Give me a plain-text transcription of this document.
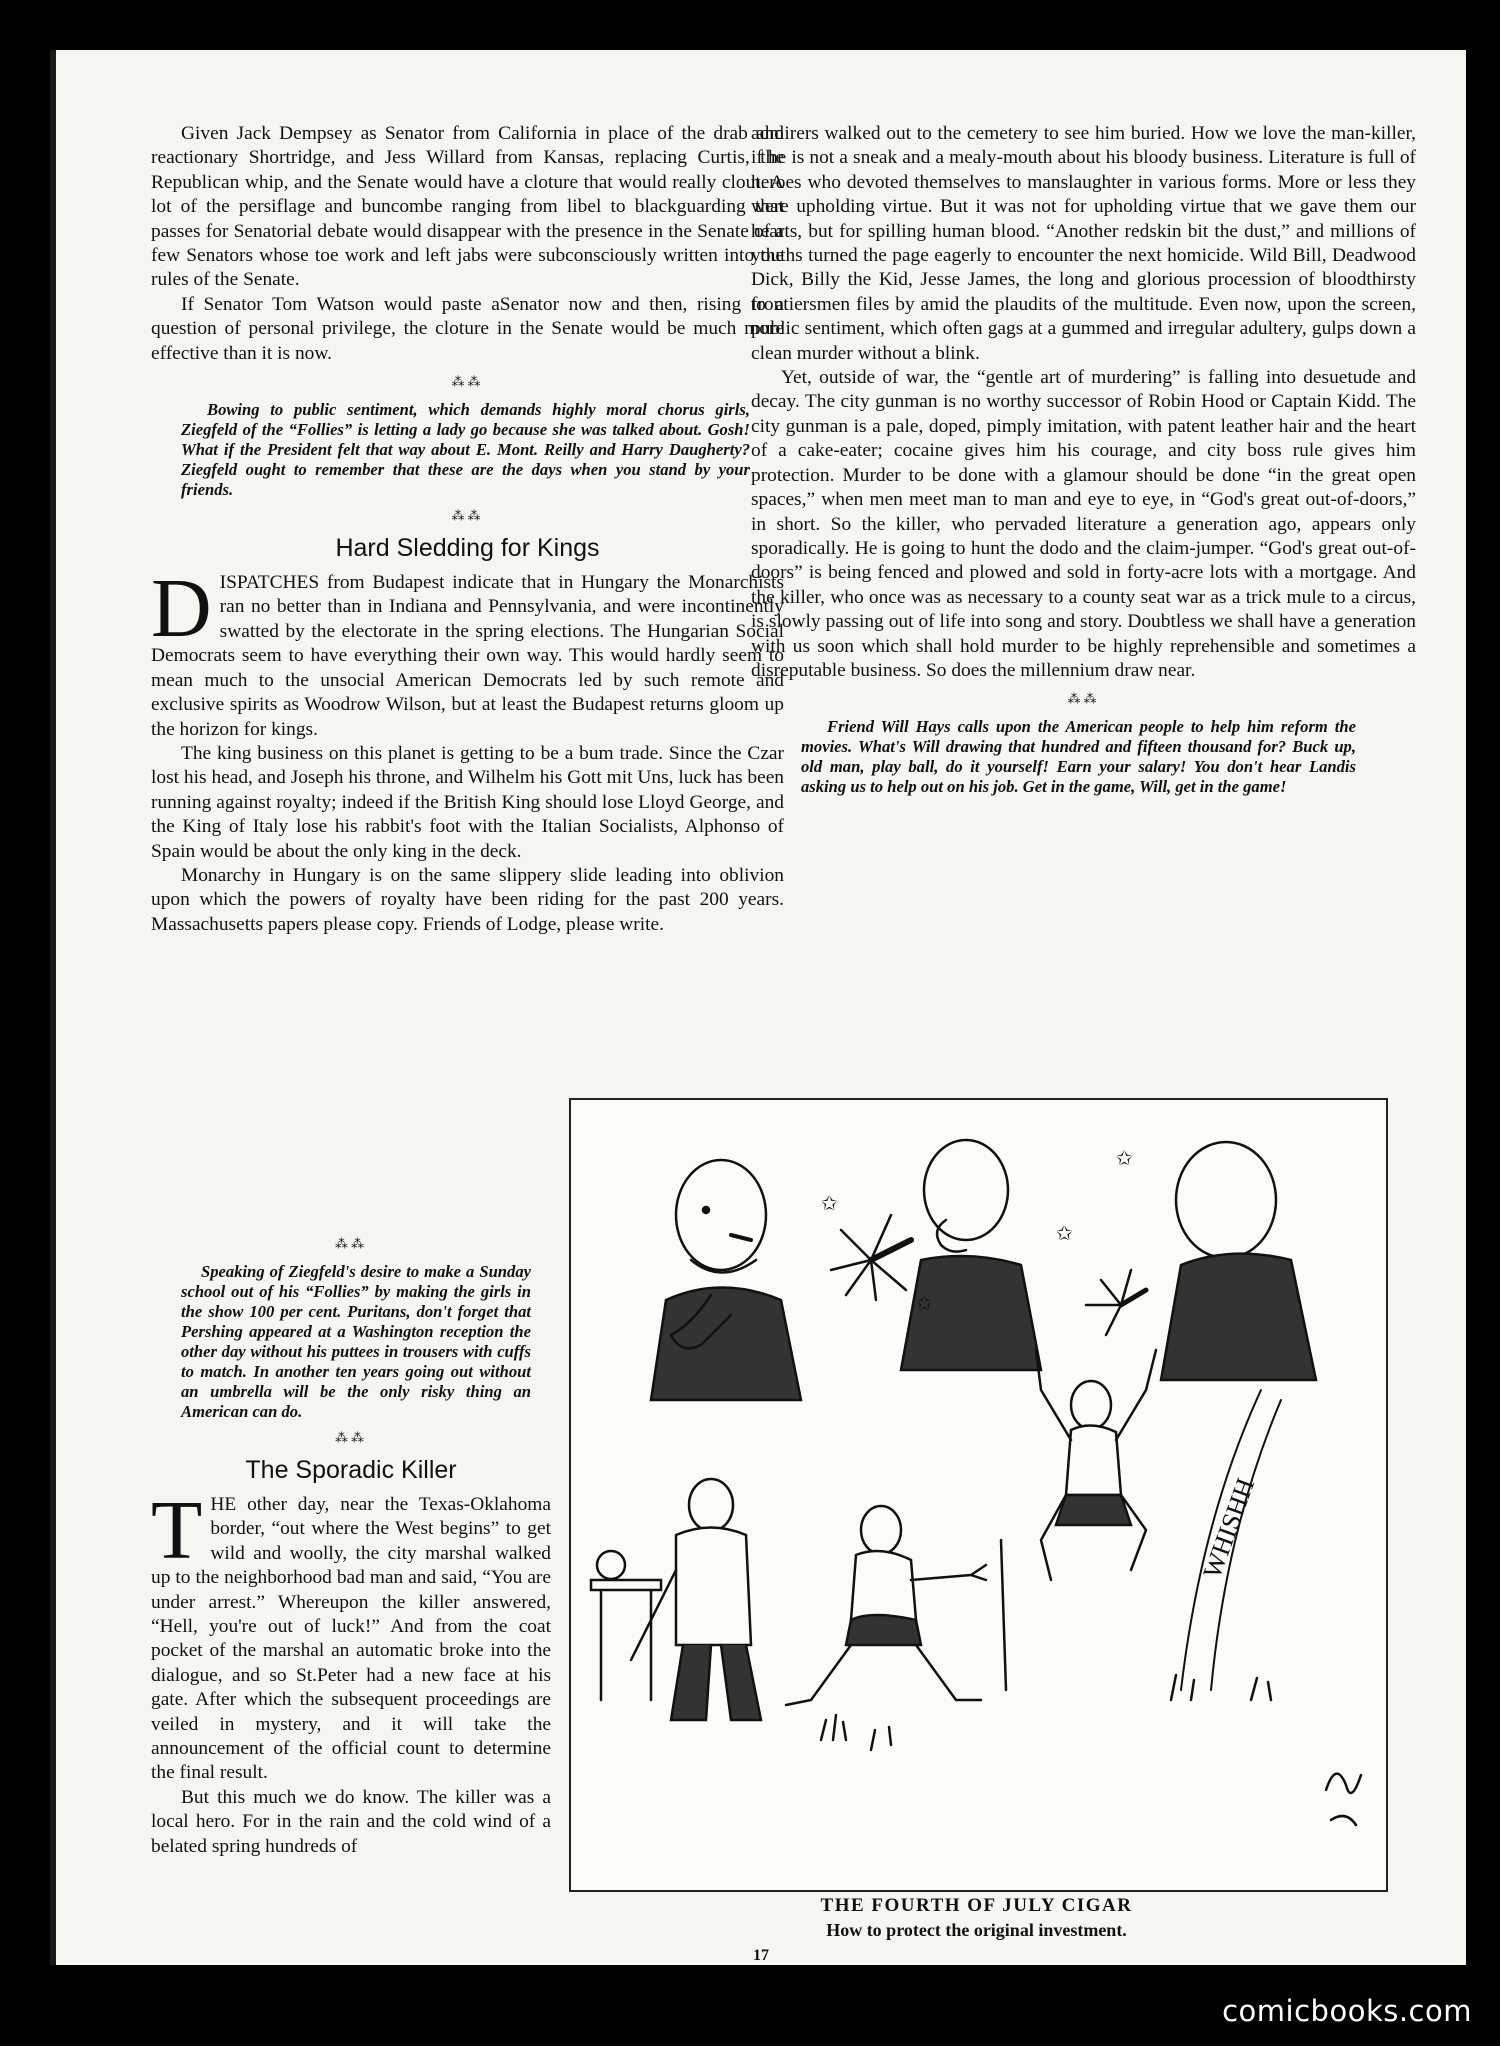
Given Jack Dempsey as Senator from California in place of the drab and reactionary Shortridge, and Jess Willard from Kansas, replacing Curtis, the Republican whip, and the Senate would have a cloture that would really clout. A lot of the persiflage and buncombe ranging from libel to blackguarding that passes for Senatorial debate would disappear with the presence in the Senate of a few Senators whose toe work and left jabs were subconsciously written into the rules of the Senate.

If Senator Tom Watson would paste aSenator now and then, rising to a question of personal privilege, the cloture in the Senate would be much more effective than it is now.

⁂⁂

Bowing to public sentiment, which demands highly moral chorus girls, Ziegfeld of the “Follies” is letting a lady go because she was talked about. Gosh! What if the President felt that way about E. Mont. Reilly and Harry Daugherty? Ziegfeld ought to remember that these are the days when you stand by your friends.

⁂⁂
Hard Sledding for Kings
D ISPATCHES from Budapest indicate that in Hungary the Monarchists ran no better than in Indiana and Pennsylvania, and were incontinently swatted by the electorate in the spring elections. The Hungarian Social Democrats seem to have everything their own way. This would hardly seem to mean much to the unsocial American Democrats led by such remote and exclusive spirits as Woodrow Wilson, but at least the Budapest returns gloom up the horizon for kings.

The king business on this planet is getting to be a bum trade. Since the Czar lost his head, and Joseph his throne, and Wilhelm his Gott mit Uns, luck has been running against royalty; indeed if the British King should lose Lloyd George, and the King of Italy lose his rabbit's foot with the Italian Socialists, Alphonso of Spain would be about the only king in the deck.

Monarchy in Hungary is on the same slippery slide leading into oblivion upon which the powers of royalty have been riding for the past 200 years. Massachusetts papers please copy. Friends of Lodge, please write.

⁂⁂

Speaking of Ziegfeld's desire to make a Sunday school out of his “Follies” by making the girls in the show 100 per cent. Puritans, don't forget that Pershing appeared at a Washington reception the other day without his puttees in trousers with cuffs to match. In another ten years going out without an umbrella will be the only risky thing an American can do.

⁂⁂
The Sporadic Killer
T HE other day, near the Texas-Oklahoma border, “out where the West begins” to get wild and woolly, the city marshal walked up to the neighborhood bad man and said, “You are under arrest.” Whereupon the killer answered, “Hell, you're out of luck!” And from the coat pocket of the marshal an automatic broke into the dialogue, and so St.Peter had a new face at his gate. After which the subsequent proceedings are veiled in mystery, and it will take the announcement of the official count to determine the final result.

But this much we do know. The killer was a local hero. For in the rain and the cold wind of a belated spring hundreds of

admirers walked out to the cemetery to see him buried. How we love the man-killer, if he is not a sneak and a mealy-mouth about his bloody business. Literature is full of heroes who devoted themselves to manslaughter in various forms. More or less they were upholding virtue. But it was not for upholding virtue that we gave them our hearts, but for spilling human blood. “Another redskin bit the dust,” and millions of youths turned the page eagerly to encounter the next homicide. Wild Bill, Deadwood Dick, Billy the Kid, Jesse James, the long and glorious procession of bloodthirsty frontiersmen files by amid the plaudits of the multitude. Even now, upon the screen, public sentiment, which often gags at a gummed and irregular adultery, gulps down a clean murder without a blink.

Yet, outside of war, the “gentle art of murdering” is falling into desuetude and decay. The city gunman is no worthy successor of Robin Hood or Captain Kidd. The city gunman is a pale, doped, pimply imitation, with patent leather hair and the heart of a cake-eater; cocaine gives him his courage, and city boss rule gives him protection. Murder to be done with a glamour should be done “in the great open spaces,” when men meet man to man and eye to eye, in “God's great out-of-doors,” in short. So the killer, who pervaded literature a generation ago, appears only sporadically. He is going to hunt the dodo and the claim-jumper. “God's great out-of-doors” is being fenced and plowed and sold in forty-acre lots with a mortgage. And the killer, who once was as necessary to a county seat war as a trick mule to a circus, is slowly passing out of life into song and story. Doubtless we shall have a generation with us soon which shall hold murder to be highly reprehensible and sometimes a disreputable business. So does the millennium draw near.

⁂⁂

Friend Will Hays calls upon the American people to help him reform the movies. What's Will drawing that hundred and fifteen thousand for? Buck up, old man, play ball, do it yourself! Earn your salary! You don't hear Landis asking us to help out on his job. Get in the game, Will, get in the game!

✩
✩
✩
✩
WHISHH
THE FOURTH OF JULY CIGAR
How to protect the original investment.
17
comicbooks.com
